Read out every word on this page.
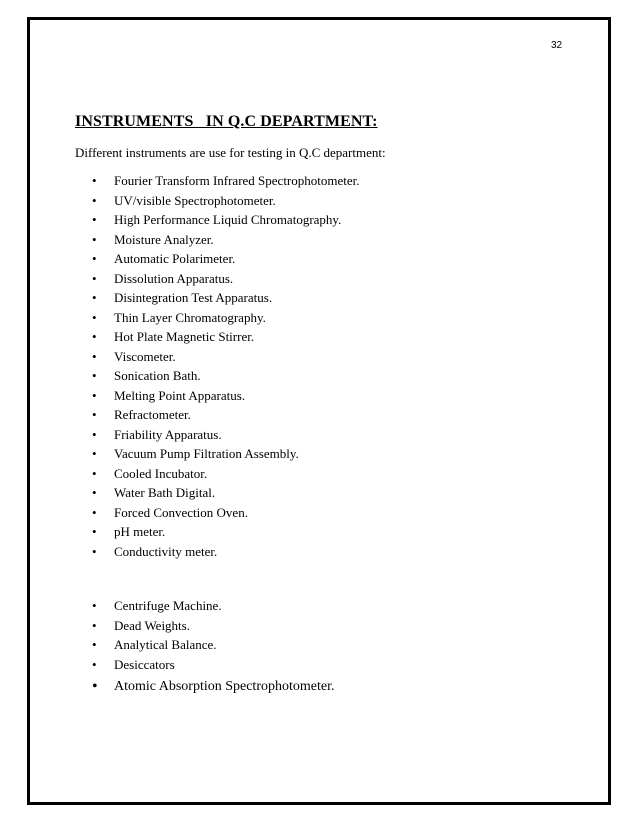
32
INSTRUMENTS   IN Q.C DEPARTMENT:
Different instruments are use for testing in Q.C department:
• Fourier Transform Infrared Spectrophotometer.
• UV/visible Spectrophotometer.
• High Performance Liquid Chromatography.
• Moisture Analyzer.
• Automatic Polarimeter.
• Dissolution Apparatus.
• Disintegration Test Apparatus.
• Thin Layer Chromatography.
• Hot Plate Magnetic Stirrer.
• Viscometer.
• Sonication Bath.
• Melting Point Apparatus.
• Refractometer.
• Friability Apparatus.
• Vacuum Pump Filtration Assembly.
• Cooled Incubator.
• Water Bath Digital.
• Forced Convection Oven.
• pH meter.
• Conductivity meter.
• Centrifuge Machine.
• Dead Weights.
• Analytical Balance.
• Desiccators
• Atomic Absorption Spectrophotometer.
